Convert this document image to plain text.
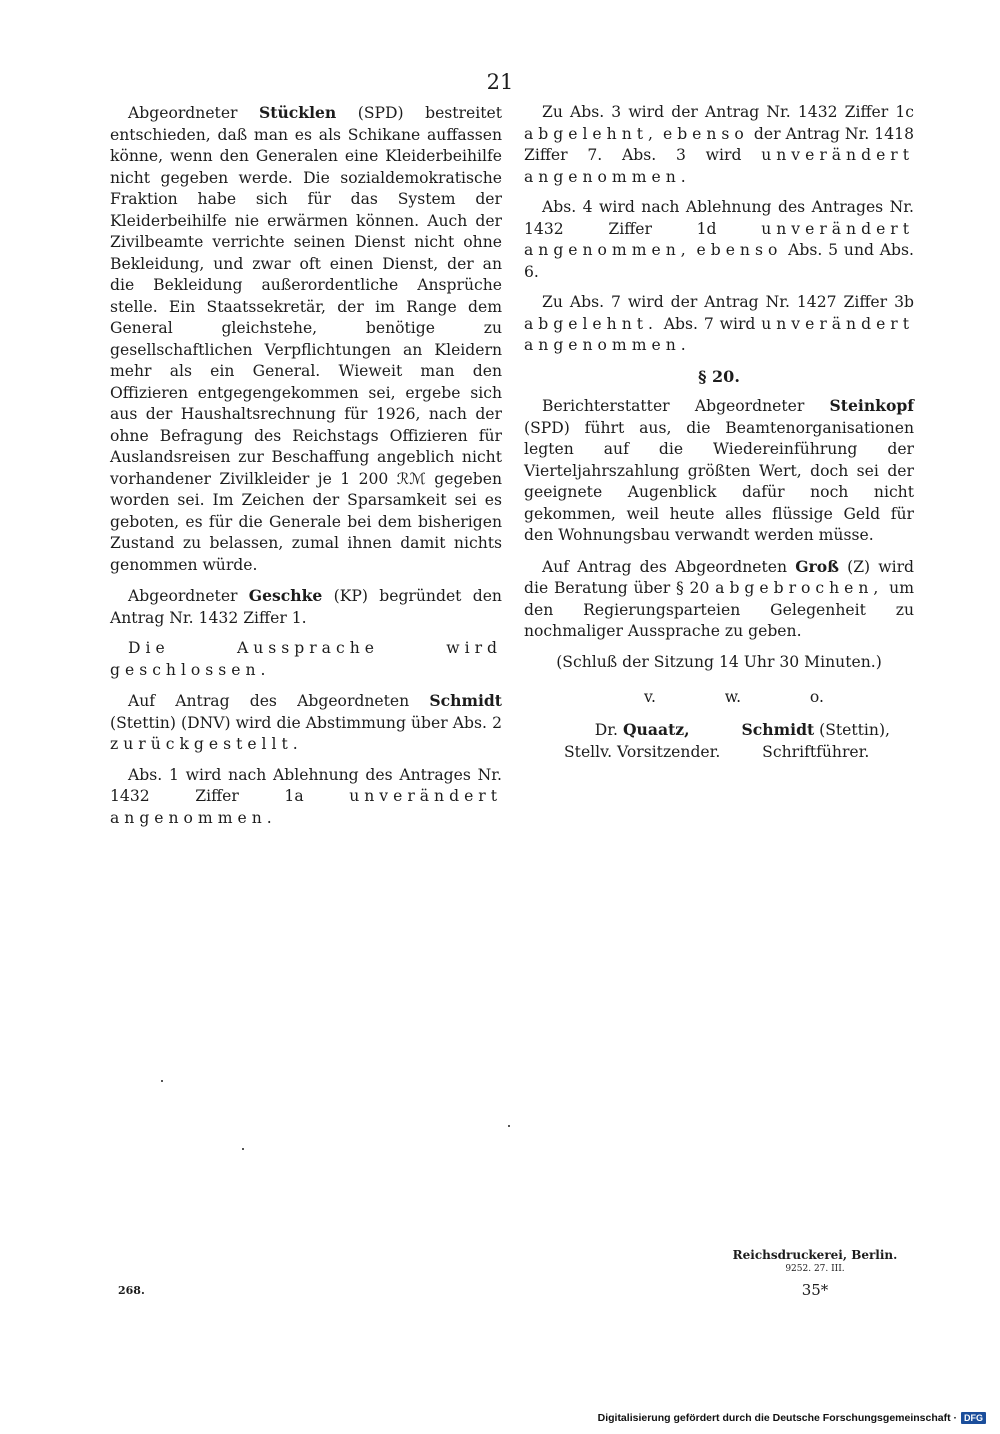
21

Abgeordneter Stücklen (SPD) bestreitet entschieden, daß man es als Schikane auffassen könne, wenn den Generalen eine Kleiderbeihilfe nicht gegeben werde. Die sozialdemokratische Fraktion habe sich für das System der Kleiderbeihilfe nie erwärmen können. Auch der Zivilbeamte verrichte seinen Dienst nicht ohne Bekleidung, und zwar oft einen Dienst, der an die Bekleidung außerordentliche Ansprüche stelle. Ein Staatssekretär, der im Range dem General gleichstehe, benötige zu gesellschaftlichen Verpflichtungen an Kleidern mehr als ein General. Wieweit man den Offizieren entgegengekommen sei, ergebe sich aus der Haushaltsrechnung für 1926, nach der ohne Befragung des Reichstags Offizieren für Auslandsreisen zur Beschaffung angeblich nicht vorhandener Zivilkleider je 1 200 ℛℳ gegeben worden sei. Im Zeichen der Sparsamkeit sei es geboten, es für die Generale bei dem bisherigen Zustand zu belassen, zumal ihnen damit nichts genommen würde.

Abgeordneter Geschke (KP) begründet den Antrag Nr. 1432 Ziffer 1.

Die Aussprache wird geschlossen.

Auf Antrag des Abgeordneten Schmidt (Stettin) (DNV) wird die Abstimmung über Abs. 2 zurückgestellt.

Abs. 1 wird nach Ablehnung des Antrages Nr. 1432 Ziffer 1a unverändert angenommen.

Zu Abs. 3 wird der Antrag Nr. 1432 Ziffer 1c abgelehnt, ebenso der Antrag Nr. 1418 Ziffer 7. Abs. 3 wird unverändert angenommen.

Abs. 4 wird nach Ablehnung des Antrages Nr. 1432 Ziffer 1d unverändert angenommen, ebenso Abs. 5 und Abs. 6.

Zu Abs. 7 wird der Antrag Nr. 1427 Ziffer 3b abgelehnt. Abs. 7 wird unverändert angenommen.

§ 20.

Berichterstatter Abgeordneter Steinkopf (SPD) führt aus, die Beamtenorganisationen legten auf die Wiedereinführung der Vierteljahrszahlung größten Wert, doch sei der geeignete Augenblick dafür noch nicht gekommen, weil heute alles flüssige Geld für den Wohnungsbau verwandt werden müsse.

Auf Antrag des Abgeordneten Groß (Z) wird die Beratung über § 20 abgebrochen, um den Regierungsparteien Gelegenheit zu nochmaliger Aussprache zu geben.

(Schluß der Sitzung 14 Uhr 30 Minuten.)
v.	w.	o.
Dr. Quaatz,
Stellv. Vorsitzender.
Schmidt (Stettin),
Schriftführer.
268.
Reichsdruckerei, Berlin.
9252. 27. III.
35*
Digitalisierung gefördert durch die Deutsche Forschungsgemeinschaft · DFG
